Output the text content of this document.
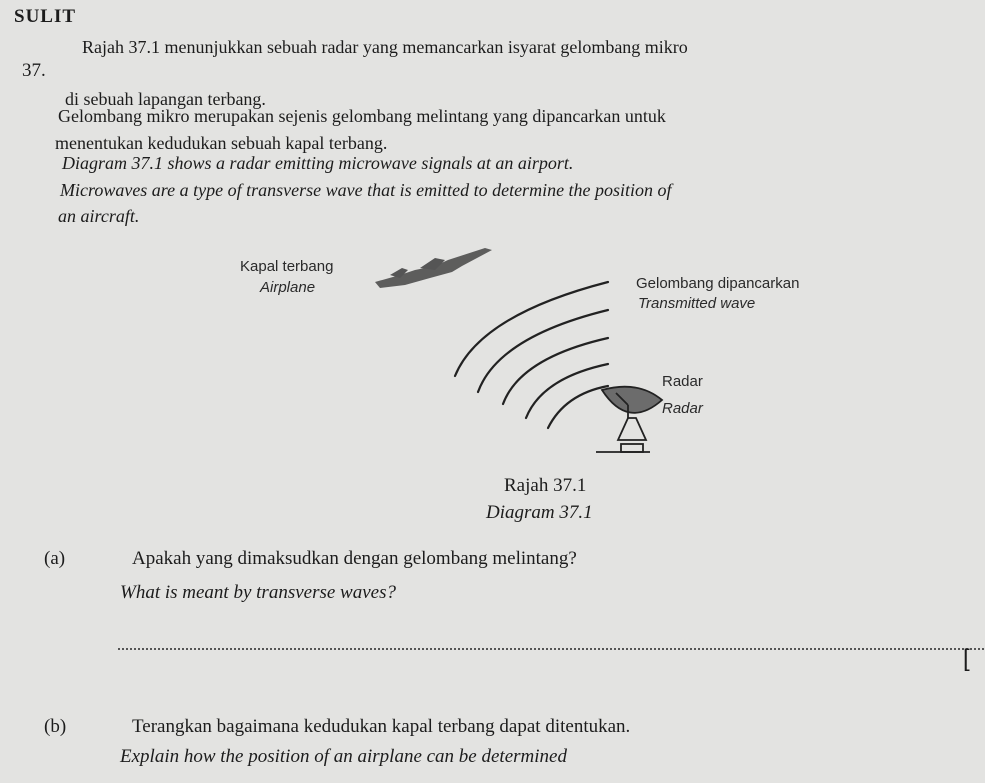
SULIT
37.
Rajah 37.1 menunjukkan sebuah radar yang memancarkan isyarat gelombang mikro
di sebuah lapangan terbang.
Gelombang mikro merupakan sejenis gelombang melintang yang dipancarkan untuk
menentukan kedudukan sebuah kapal terbang.
Diagram 37.1 shows a radar emitting microwave signals at an airport.
Microwaves are a type of transverse wave that is emitted to determine the position of
an aircraft.
Kapal terbang
Airplane	Gelombang dipancarkan
Transmitted wave
Radar
Radar
Rajah 37.1
Diagram 37.1
(a)	Apakah yang dimaksudkan dengan gelombang melintang?
What is meant by transverse waves?
[
(b)	Terangkan bagaimana kedudukan kapal terbang dapat ditentukan.
Explain how the position of an airplane can be determined
